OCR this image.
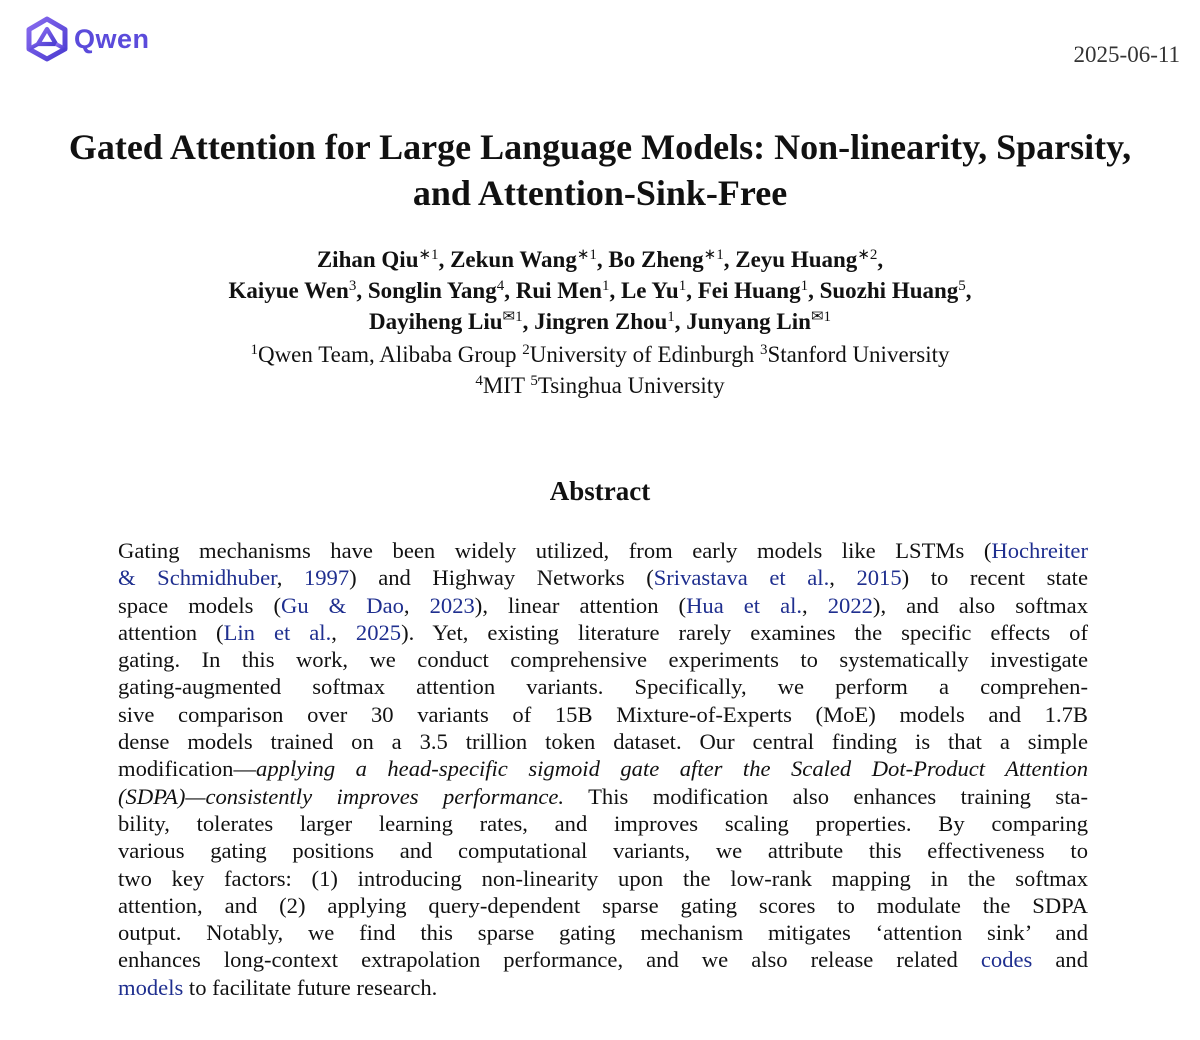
Qwen
2025-06-11
Gated Attention for Large Language Models: Non-linearity, Sparsity,
and Attention-Sink-Free
Zihan Qiu$^{∗1}$, Zekun Wang$^{∗1}$, Bo Zheng$^{∗1}$, Zeyu Huang$^{∗2}$,
Kaiyue Wen$^3$, Songlin Yang$^4$, Rui Men$^1$, Le Yu$^1$, Fei Huang$^1$, Suozhi Huang$^5$,
Dayiheng Liu$^{✉1}$, Jingren Zhou$^1$, Junyang Lin$^{✉1}$
$^1$Qwen Team, Alibaba Group $^2$University of Edinburgh $^3$Stanford University
$^4$MIT $^5$Tsinghua University
Abstract
Gating mechanisms have been widely utilized, from early models like LSTMs (Hochreiter
& Schmidhuber, 1997) and Highway Networks (Srivastava et al., 2015) to recent state
space models (Gu & Dao, 2023), linear attention (Hua et al., 2022), and also softmax
attention (Lin et al., 2025). Yet, existing literature rarely examines the specific effects of
gating. In this work, we conduct comprehensive experiments to systematically investigate
gating-augmented softmax attention variants. Specifically, we perform a comprehen-
sive comparison over 30 variants of 15B Mixture-of-Experts (MoE) models and 1.7B
dense models trained on a 3.5 trillion token dataset. Our central finding is that a simple
modification—applying a head-specific sigmoid gate after the Scaled Dot-Product Attention
(SDPA)—consistently improves performance. This modification also enhances training sta-
bility, tolerates larger learning rates, and improves scaling properties. By comparing
various gating positions and computational variants, we attribute this effectiveness to
two key factors: (1) introducing non-linearity upon the low-rank mapping in the softmax
attention, and (2) applying query-dependent sparse gating scores to modulate the SDPA
output. Notably, we find this sparse gating mechanism mitigates ‘attention sink’ and
enhances long-context extrapolation performance, and we also release related codes and
models to facilitate future research.
